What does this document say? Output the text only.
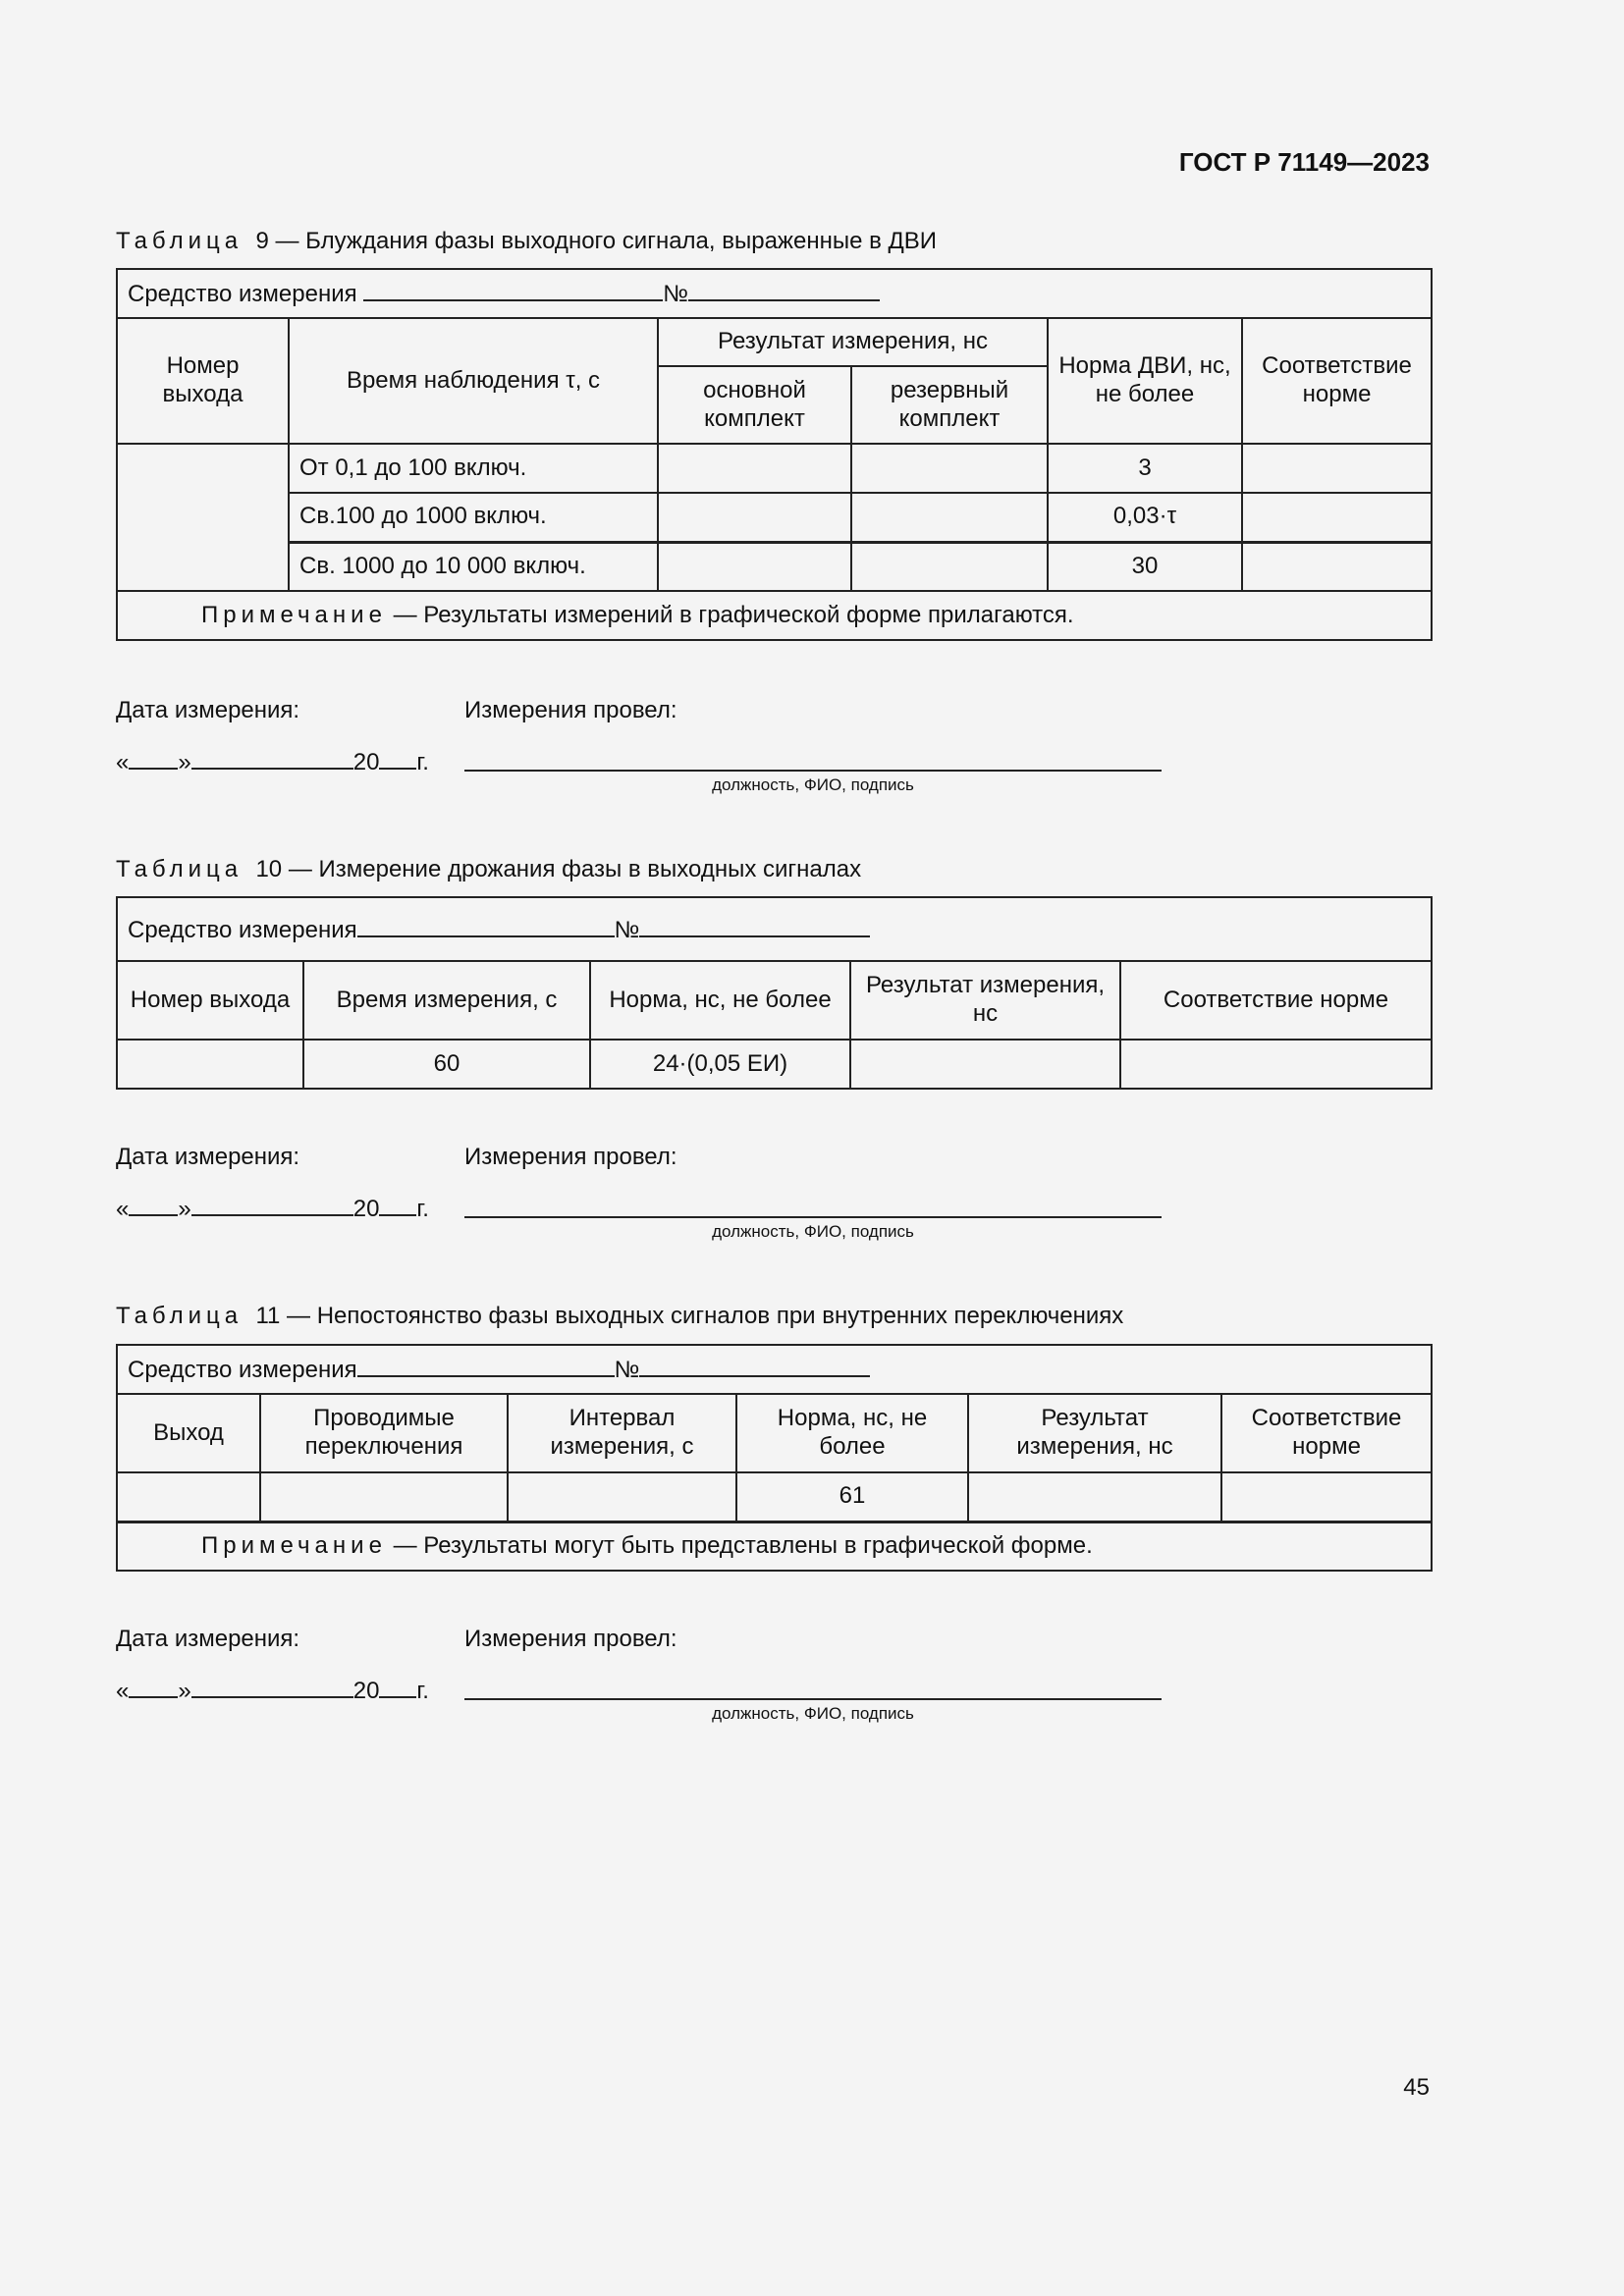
ГОСТ Р 71149—2023
Таблица 9 — Блуждания фазы выходного сигнала, выраженные в ДВИ
Средство измерения №					
Номер выхода	Время наблюдения τ, с	Результат измерения, нс		Норма ДВИ, нс, не более	Соответствие норме
		основной комплект	резервный комплект		
	От 0,1 до 100 включ.			3	
	Св.100 до 1000 включ.			0,03·τ	
	Св. 1000 до 10 000 включ.			30	
Примечание — Результаты измерений в графической форме прилагаются.					
Дата измерения:	Измерения провел:
« »	20 г.
должность, ФИО, подпись
Таблица 10 — Измерение дрожания фазы в выходных сигналах
Средство измерения №				
Номер выхода	Время измерения, с	Норма, нс, не более	Результат измерения, нс	Соответствие норме
	60	24·(0,05 ЕИ)		
Дата измерения:	Измерения провел:
« »	20 г.
должность, ФИО, подпись
Таблица 11 — Непостоянство фазы выходных сигналов при внутренних переключениях
Средство измерения №					
Выход	Проводимые переключения	Интервал измерения, с	Норма, нс, не более	Результат измерения, нс	Соответствие норме
			61		
Примечание — Результаты могут быть представлены в графической форме.					
Дата измерения:	Измерения провел:
« »	20 г.
должность, ФИО, подпись
45
